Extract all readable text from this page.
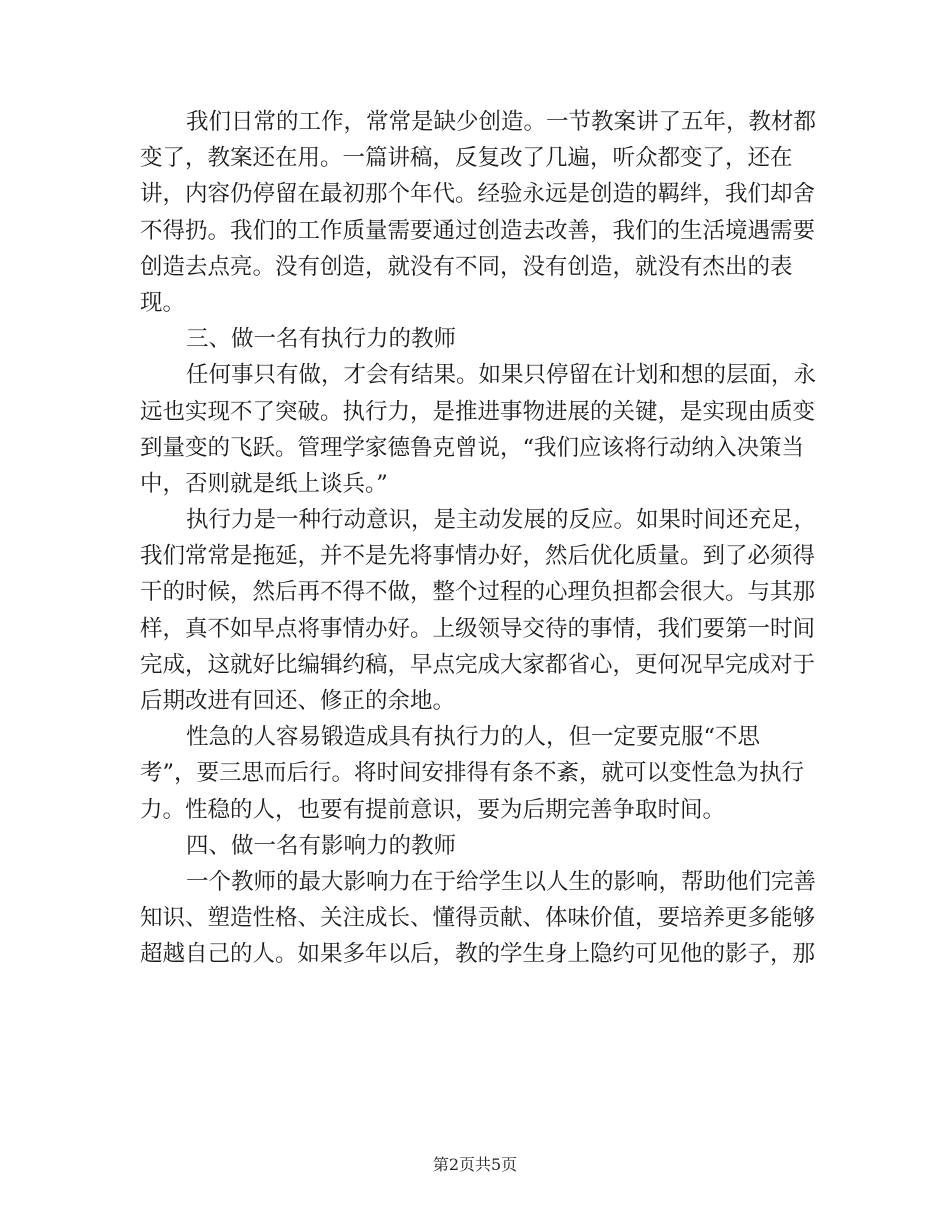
我们日常的工作，常常是缺少创造。一节教案讲了五年，教材都
变了，教案还在用。一篇讲稿，反复改了几遍，听众都变了，还在
讲，内容仍停留在最初那个年代。经验永远是创造的羁绊，我们却舍
不得扔。我们的工作质量需要通过创造去改善，我们的生活境遇需要
创造去点亮。没有创造，就没有不同，没有创造，就没有杰出的表
现。
三、做一名有执行力的教师
任何事只有做，才会有结果。如果只停留在计划和想的层面，永
远也实现不了突破。执行力，是推进事物进展的关键，是实现由质变
到量变的飞跃。管理学家德鲁克曾说，“我们应该将行动纳入决策当
中，否则就是纸上谈兵。”
执行力是一种行动意识，是主动发展的反应。如果时间还充足，
我们常常是拖延，并不是先将事情办好，然后优化质量。到了必须得
干的时候，然后再不得不做，整个过程的心理负担都会很大。与其那
样，真不如早点将事情办好。上级领导交待的事情，我们要第一时间
完成，这就好比编辑约稿，早点完成大家都省心，更何况早完成对于
后期改进有回还、修正的余地。
性急的人容易锻造成具有执行力的人，但一定要克服“不思
考”，要三思而后行。将时间安排得有条不紊，就可以变性急为执行
力。性稳的人，也要有提前意识，要为后期完善争取时间。
四、做一名有影响力的教师
一个教师的最大影响力在于给学生以人生的影响，帮助他们完善
知识、塑造性格、关注成长、懂得贡献、体味价值，要培养更多能够
超越自己的人。如果多年以后，教的学生身上隐约可见他的影子，那
第2页共5页
